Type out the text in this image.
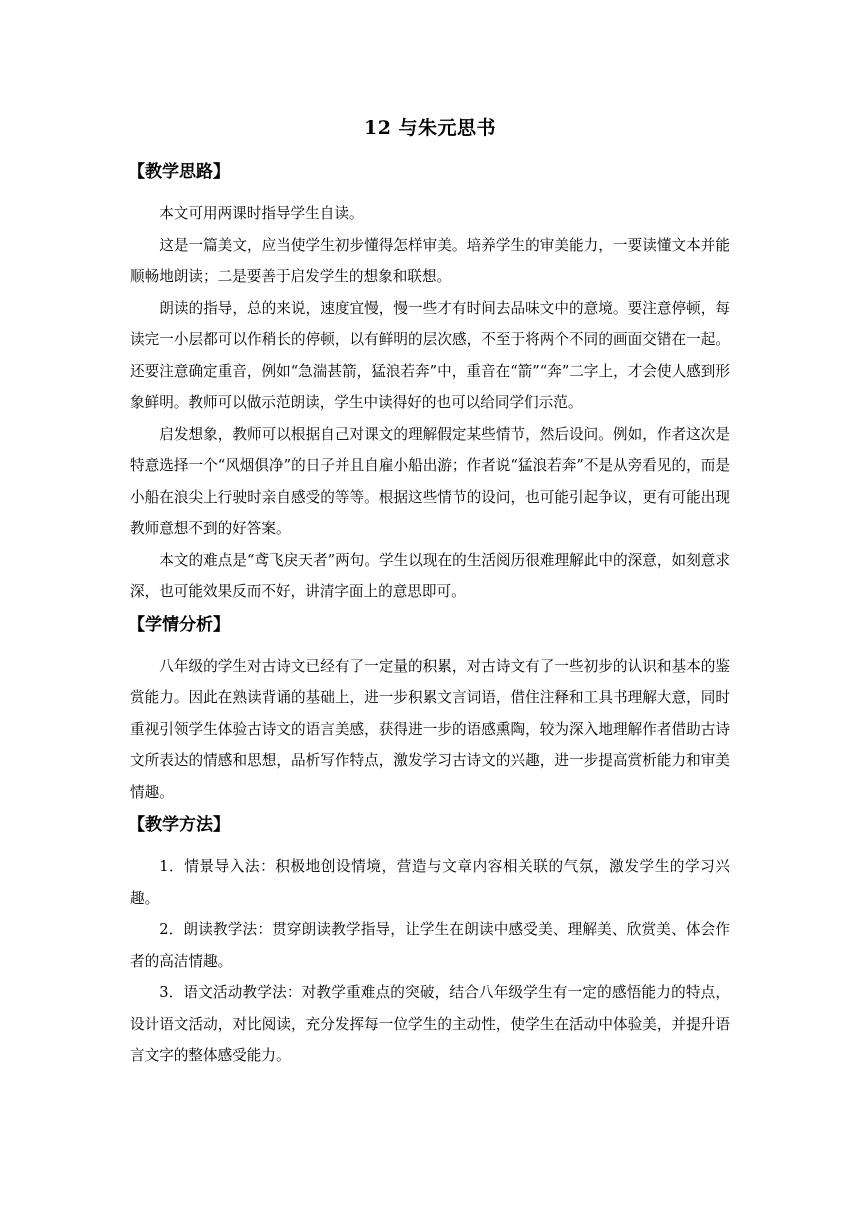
12 与朱元思书
【教学思路】

本文可用两课时指导学生自读。

这是一篇美文，应当使学生初步懂得怎样审美。培养学生的审美能力，一要读懂文本并能顺畅地朗读；二是要善于启发学生的想象和联想。

朗读的指导，总的来说，速度宜慢，慢一些才有时间去品味文中的意境。要注意停顿，每读完一小层都可以作稍长的停顿，以有鲜明的层次感，不至于将两个不同的画面交错在一起。还要注意确定重音，例如“急湍甚箭，猛浪若奔”中，重音在“箭”“奔”二字上，才会使人感到形象鲜明。教师可以做示范朗读，学生中读得好的也可以给同学们示范。

启发想象，教师可以根据自己对课文的理解假定某些情节，然后设问。例如，作者这次是特意选择一个“风烟俱净”的日子并且自雇小船出游；作者说“猛浪若奔”不是从旁看见的，而是小船在浪尖上行驶时亲自感受的等等。根据这些情节的设问，也可能引起争议，更有可能出现教师意想不到的好答案。

本文的难点是“鸢飞戾天者”两句。学生以现在的生活阅历很难理解此中的深意，如刻意求深，也可能效果反而不好，讲清字面上的意思即可。

【学情分析】

八年级的学生对古诗文已经有了一定量的积累，对古诗文有了一些初步的认识和基本的鉴赏能力。因此在熟读背诵的基础上，进一步积累文言词语，借住注释和工具书理解大意，同时重视引领学生体验古诗文的语言美感，获得进一步的语感熏陶，较为深入地理解作者借助古诗文所表达的情感和思想，品析写作特点，激发学习古诗文的兴趣，进一步提高赏析能力和审美情趣。

【教学方法】

1．情景导入法：积极地创设情境，营造与文章内容相关联的气氛，激发学生的学习兴趣。

2．朗读教学法：贯穿朗读教学指导，让学生在朗读中感受美、理解美、欣赏美、体会作者的高洁情趣。

3．语文活动教学法：对教学重难点的突破，结合八年级学生有一定的感悟能力的特点，设计语文活动，对比阅读，充分发挥每一位学生的主动性，使学生在活动中体验美，并提升语言文字的整体感受能力。
